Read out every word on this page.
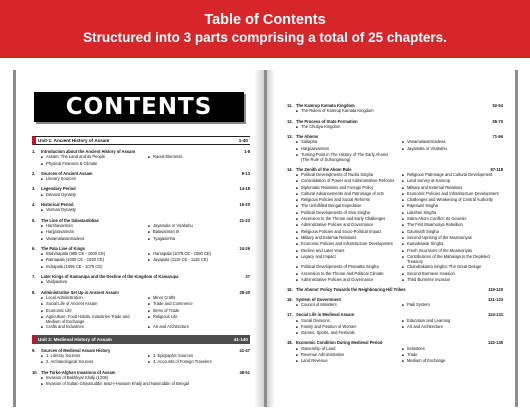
Table of Contents
Structured into 3 parts comprising a total of 25 chapters.
CONTENTS
Unit-1: Ancient History of Assam	1-40
1.	Introduction about the Ancient History of Assam	1-8
■
Assam: The Land and its People ■	Racial Elements
■
Physical Features & Climate
2.	Sources of Ancient Assam	9-13
■
Literary Sources
3.	Legendary Period	14-15
■
Danava Dynasty
4.	Historical Period	16-20
■
Varman Dynasty
5.	The Line of the Salastambhas	21-23
■
Harshavarman ■	Jayamala or Virabahu
■
Harjjaravarman ■	Balavarman III
■
Vanamalavarmadeva ■	Tyagasimha
6.	The Pala Line of Kings	24-26
■
Brahmapala (985 CE - 1000 CE) ■	Harsapala (1075 CE - 1090 CE)
■
Ratnapala (1000 CE - 1030 CE) ■	Jayapala (1115 CE - 1125 CE)
■
Indrapala (1055 CE - 1075 CE)
7.	Later Kings of Kamarupa and the Decline of the Kingdom of Kamarupa	27
■
Vaidyadeva
8.	Administrative Set Up in Ancient Assam	28-40
■
Local Administration ■	Minor Crafts
■
Social Life of Ancient Assam ■	Trade and Commerce
■
Economic Life ■	Items of Trade
■
Agriculture, Food Habits, Industries Trade and Medium of Exchange
■
Religious Life
■
Crafts and Industries ■	Art and Architecture
Unit 2: Medieval History of Assam	41-140
9.	Sources of Medieval Assam History	41-47
■
1. Literary Sources ■	3. Epigraphic Sources
■
2. Archaeological Sources ■	4. Accounts of Foreign Travelers
10. The Turko-Afghan Invasions of Assam	48-51
■
Invasion of Bakhtiyar Khalji (1206)
■
Invasion of Sultan Ghiyasuddin Iwaz-I-Hussain Khalji and Nasiruddin of Bengal
11. The Kamrup Kamata Kingdom	52-54
■
The Rulers of Kamrup Kamata Kingdom
12. The Process of State Formation	55-70
■
The Chutiya Kingdom
13. The Ahoms	71-96
■
Sukapha ■	Vanamalavarmadeva
■
Harjjaravarman ■	Jayamala or Virabahu
■
Turning Point in The History of The Early Ahoms (The Rule of Suhungmung)
14. The Zenith of the Ahom Rule	97-118
■
Political Developments of Rudra Singha ■	Religious Patronage and Cultural Development
■
Consolidation of Power and Administrative Reforms ■	Land Survey at Kamrup
■
Diplomatic Relations and Foreign Policy ■	Military and External Relations
■
Cultural Advancements and Patronage of Arts ■	Economic Policies and Infrastructure Development
■
Religious Policies and Social Reforms ■	Challenges and Weakening of Central Authority
■
The Unfulfilled Bengal Expedition ■	Rajeswar Singha
■
Political Developments of Siva Singha ■	Lakshmi Singha
■
Ascension to the Throne and Early Challenges ■	Satra-Ahom Conflict: Its Genesis
■
Administrative Policies and Governance ■	The First Moamoriya Rebellion
■
Religious Policies and Socio-Political Impact ■	Gaurinath Singha
■
Military and External Relations ■	Second Uprising of the Moamoriyas
■
Economic Policies and Infrastructure Development ■	Kamaleswar Singha
■
Decline and Later Years ■	Fresh Incursions of the Moamoriyas
■
Legacy and Impact ■	Contributions of the Maharaja to the Depleted Treasury
■
Political Developments of Pramatta Singha ■	Chandrakanta Singha: The Great Deluge
■
Ascension to the Throne and Political Climate ■	Second Burmese Invasion
■
Administrative Policies and Governance ■	Third Burmese Invasion
15. The Ahoms' Policy Towards the Neighbouring Hill Tribes	119-120
16. System of Government	121-123
■
Council of Ministers ■	Paik System
17. Social Life in Medieval Assam	124-131
■
Social Divisions ■	Education and Learning
■
Family and Position of Women ■	Art and Architecture
■
Games, Sports, and Festivals
18. Economic Condition During Medieval Period	132-135
■
Ownership of Land ■	Industries
■
Revenue Administration ■	Trade
■
Land Revenue ■	Medium of Exchange
